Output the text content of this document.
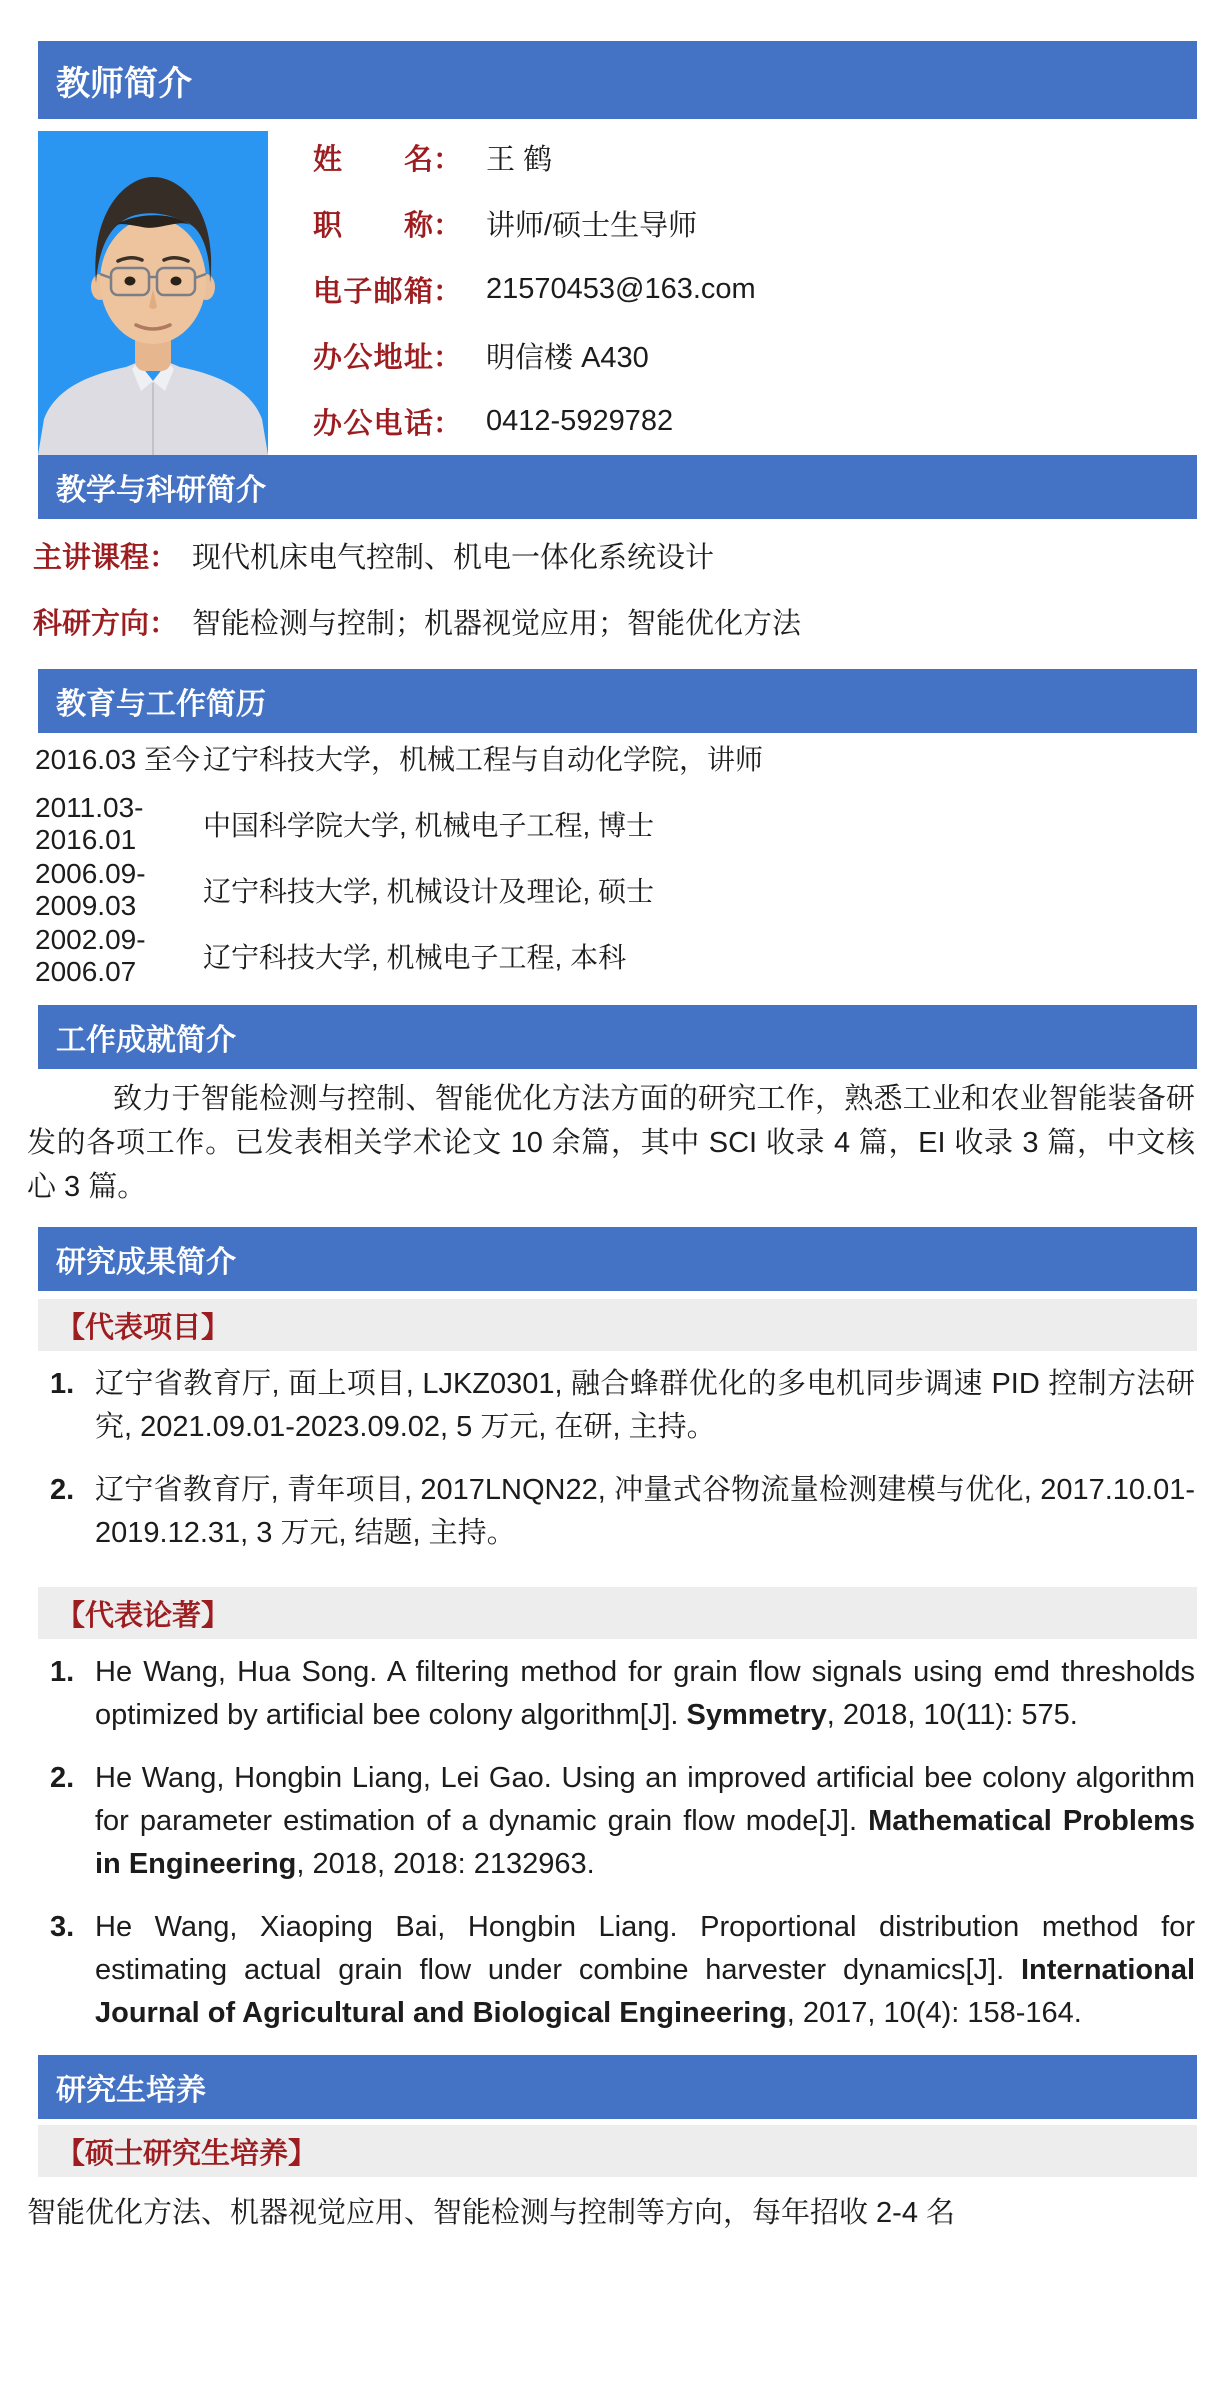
教师简介
姓名 ： 王 鹤
职称 ： 讲师/硕士生导师
电子邮箱 ： 21570453@163.com
办公地址 ： 明信楼 A430
办公电话 ： 0412-5929782
教学与科研简介
主讲课程： 现代机床电气控制、机电一体化系统设计
科研方向： 智能检测与控制；机器视觉应用；智能优化方法
教育与工作简历
2016.03 至今 辽宁科技大学，机械工程与自动化学院，讲师
2011.03-2016.01	中国科学院大学, 机械电子工程, 博士
2006.09-2009.03	辽宁科技大学, 机械设计及理论, 硕士
2002.09-2006.07	辽宁科技大学, 机械电子工程, 本科
工作成就简介
致力于智能检测与控制、智能优化方法方面的研究工作，熟悉工业和农业智能装备研发的各项工作。已发表相关学术论文 10 余篇，其中 SCI 收录 4 篇，EI 收录 3 篇，中文核心 3 篇。
研究成果简介
【代表项目】
1. 辽宁省教育厅, 面上项目, LJKZ0301, 融合蜂群优化的多电机同步调速 PID 控制方法研究, 2021.09.01-2023.09.02, 5 万元, 在研, 主持。
2. 辽宁省教育厅, 青年项目, 2017LNQN22, 冲量式谷物流量检测建模与优化, 2017.10.01-2019.12.31, 3 万元, 结题, 主持。
【代表论著】
1. He Wang, Hua Song. A filtering method for grain flow signals using emd thresholds optimized by artificial bee colony algorithm[J]. Symmetry, 2018, 10(11): 575.
2. He Wang, Hongbin Liang, Lei Gao. Using an improved artificial bee colony algorithm for parameter estimation of a dynamic grain flow mode[J]. Mathematical Problems in Engineering, 2018, 2018: 2132963.
3. He Wang, Xiaoping Bai, Hongbin Liang. Proportional distribution method for estimating actual grain flow under combine harvester dynamics[J]. International Journal of Agricultural and Biological Engineering, 2017, 10(4): 158-164.
研究生培养
【硕士研究生培养】
智能优化方法、机器视觉应用、智能检测与控制等方向，每年招收 2-4 名
